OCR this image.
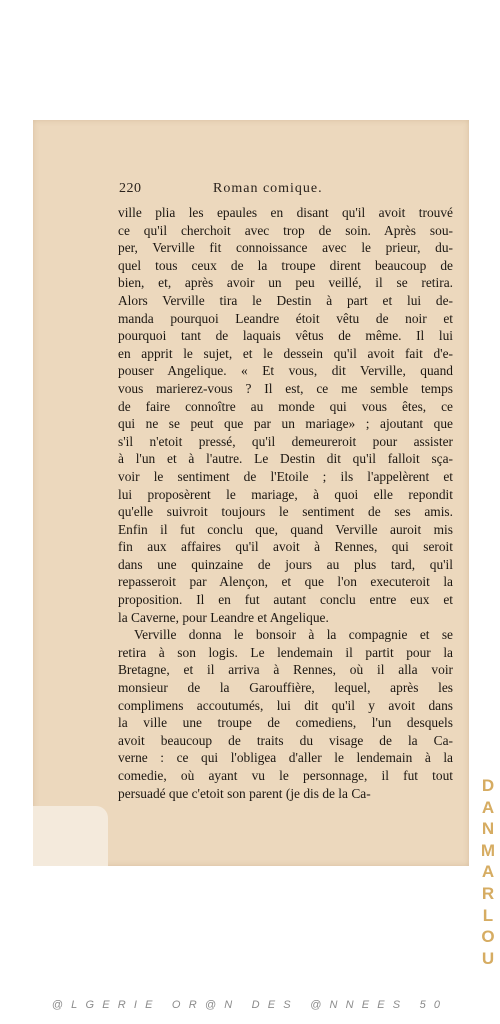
220	Roman comique.
ville plia les epaules en disant qu'il avoit trouvé
ce qu'il cherchoit avec trop de soin. Après sou-
per, Verville fit connoissance avec le prieur, du-
quel tous ceux de la troupe dirent beaucoup de
bien, et, après avoir un peu veillé, il se retira.
Alors Verville tira le Destin à part et lui de-
manda pourquoi Leandre étoit vêtu de noir et
pourquoi tant de laquais vêtus de même. Il lui
en apprit le sujet, et le dessein qu'il avoit fait d'e-
pouser Angelique. « Et vous, dit Verville, quand
vous marierez-vous ? Il est, ce me semble temps
de faire connoître au monde qui vous êtes, ce
qui ne se peut que par un mariage» ; ajoutant que
s'il n'etoit pressé, qu'il demeureroit pour assister
à l'un et à l'autre. Le Destin dit qu'il falloit sça-
voir le sentiment de l'Etoile ; ils l'appelèrent et
lui proposèrent le mariage, à quoi elle repondit
qu'elle suivroit toujours le sentiment de ses amis.
Enfin il fut conclu que, quand Verville auroit mis
fin aux affaires qu'il avoit à Rennes, qui seroit
dans une quinzaine de jours au plus tard, qu'il
repasseroit par Alençon, et que l'on executeroit la
proposition. Il en fut autant conclu entre eux et
la Caverne, pour Leandre et Angelique.
Verville donna le bonsoir à la compagnie et se
retira à son logis. Le lendemain il partit pour la
Bretagne, et il arriva à Rennes, où il alla voir
monsieur de la Garouffière, lequel, après les
complimens accoutumés, lui dit qu'il y avoit dans
la ville une troupe de comediens, l'un desquels
avoit beaucoup de traits du visage de la Ca-
verne : ce qui l'obligea d'aller le lendemain à la
comedie, où ayant vu le personnage, il fut tout
persuadé que c'etoit son parent (je dis de la Ca-	D
A
N
M
A
R
L
O
U
@LGERIE OR@N DES @NNEES 50
